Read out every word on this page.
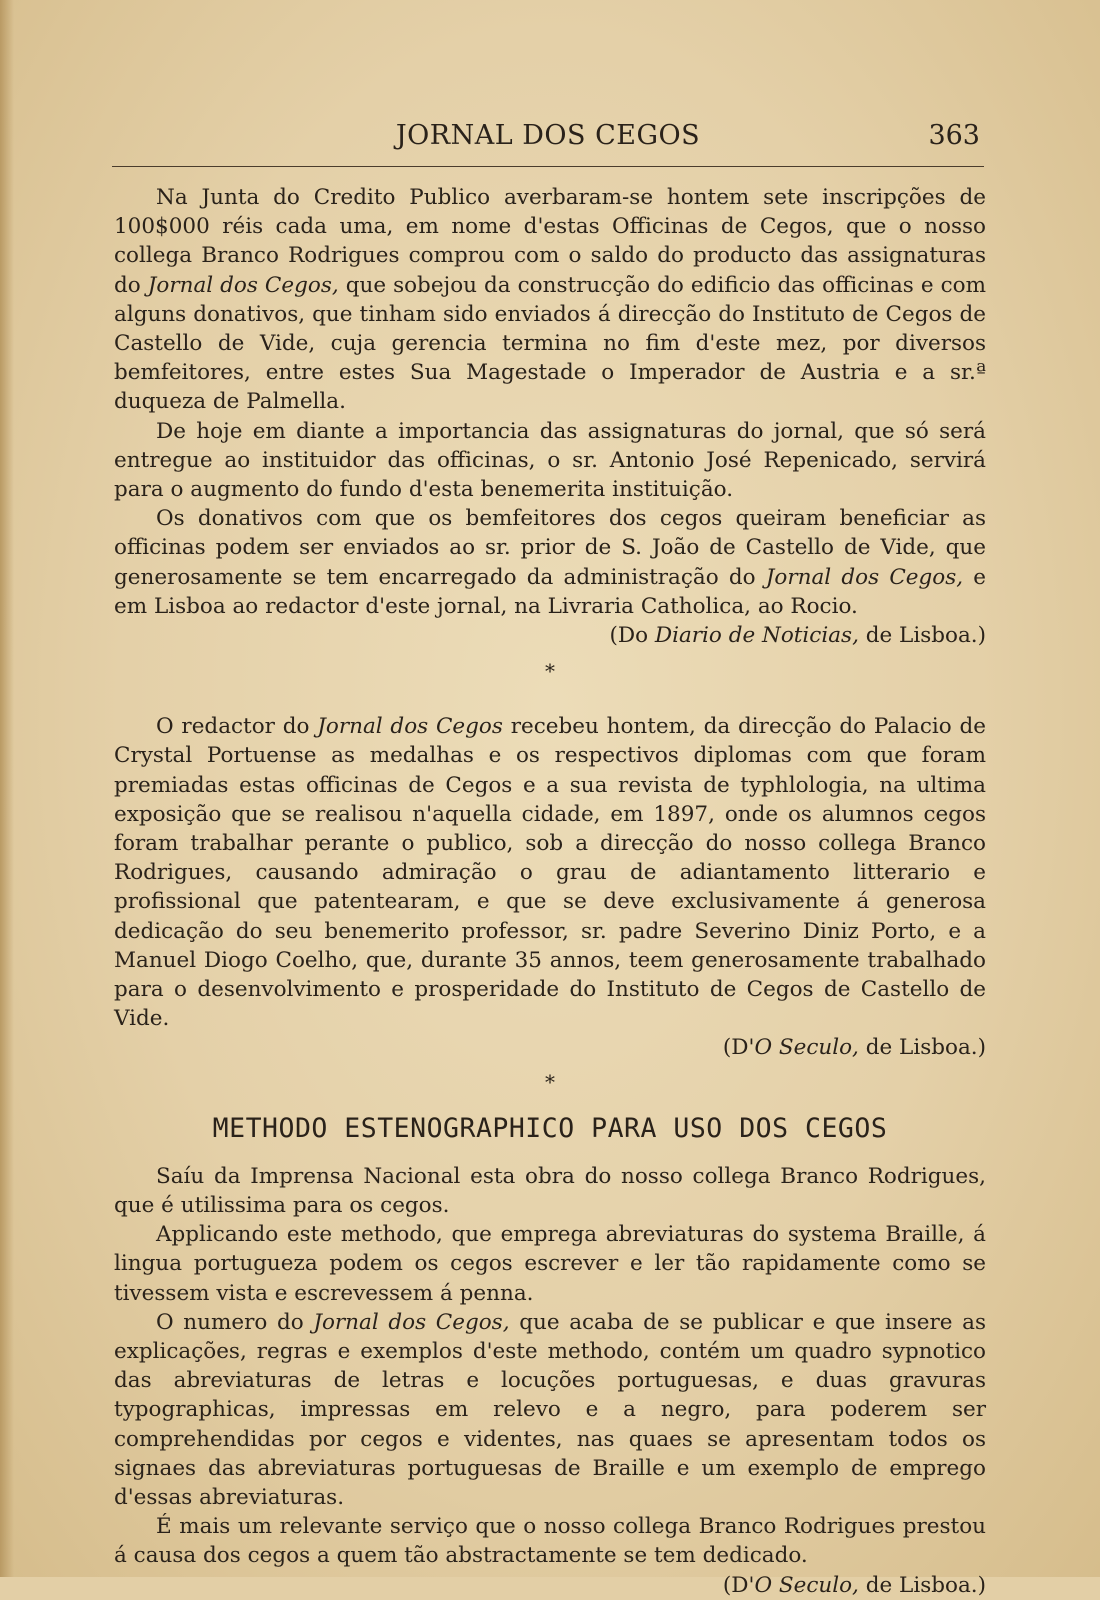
JORNAL DOS CEGOS	363

Na Junta do Credito Publico averbaram-se hontem sete inscripções de 100$000 réis cada uma, em nome d'estas Officinas de Cegos, que o nosso collega Branco Rodrigues comprou com o saldo do producto das assignaturas do Jornal dos Cegos, que sobejou da construcção do edificio das officinas e com alguns donativos, que tinham sido enviados á direcção do Instituto de Cegos de Castello de Vide, cuja gerencia termina no fim d'este mez, por diversos bemfeitores, entre estes Sua Magestade o Imperador de Austria e a sr.ª duqueza de Palmella.

De hoje em diante a importancia das assignaturas do jornal, que só será entregue ao instituidor das officinas, o sr. Antonio José Repenicado, servirá para o augmento do fundo d'esta benemerita instituição.

Os donativos com que os bemfeitores dos cegos queiram beneficiar as officinas podem ser enviados ao sr. prior de S. João de Castello de Vide, que generosamente se tem encarregado da administração do Jornal dos Cegos, e em Lisboa ao redactor d'este jornal, na Livraria Catholica, ao Rocio.

(Do Diario de Noticias, de Lisboa.)

*

O redactor do Jornal dos Cegos recebeu hontem, da direcção do Palacio de Crystal Portuense as medalhas e os respectivos diplomas com que foram premiadas estas officinas de Cegos e a sua revista de typhlologia, na ultima exposição que se realisou n'aquella cidade, em 1897, onde os alumnos cegos foram trabalhar perante o publico, sob a direcção do nosso collega Branco Rodrigues, causando admiração o grau de adiantamento litterario e profissional que patentearam, e que se deve exclusivamente á generosa dedicação do seu benemerito professor, sr. padre Severino Diniz Porto, e a Manuel Diogo Coelho, que, durante 35 annos, teem generosamente trabalhado para o desenvolvimento e prosperidade do Instituto de Cegos de Castello de Vide.

(D'O Seculo, de Lisboa.)

*
METHODO ESTENOGRAPHICO PARA USO DOS CEGOS

Saíu da Imprensa Nacional esta obra do nosso collega Branco Rodrigues, que é utilissima para os cegos.

Applicando este methodo, que emprega abreviaturas do systema Braille, á lingua portugueza podem os cegos escrever e ler tão rapidamente como se tivessem vista e escrevessem á penna.

O numero do Jornal dos Cegos, que acaba de se publicar e que insere as explicações, regras e exemplos d'este methodo, contém um quadro sypnotico das abreviaturas de letras e locuções portuguesas, e duas gravuras typographicas, impressas em relevo e a negro, para poderem ser comprehendidas por cegos e videntes, nas quaes se apresentam todos os signaes das abreviaturas portuguesas de Braille e um exemplo de emprego d'essas abreviaturas.

É mais um relevante serviço que o nosso collega Branco Rodrigues prestou á causa dos cegos a quem tão abstractamente se tem dedicado.

(D'O Seculo, de Lisboa.)
